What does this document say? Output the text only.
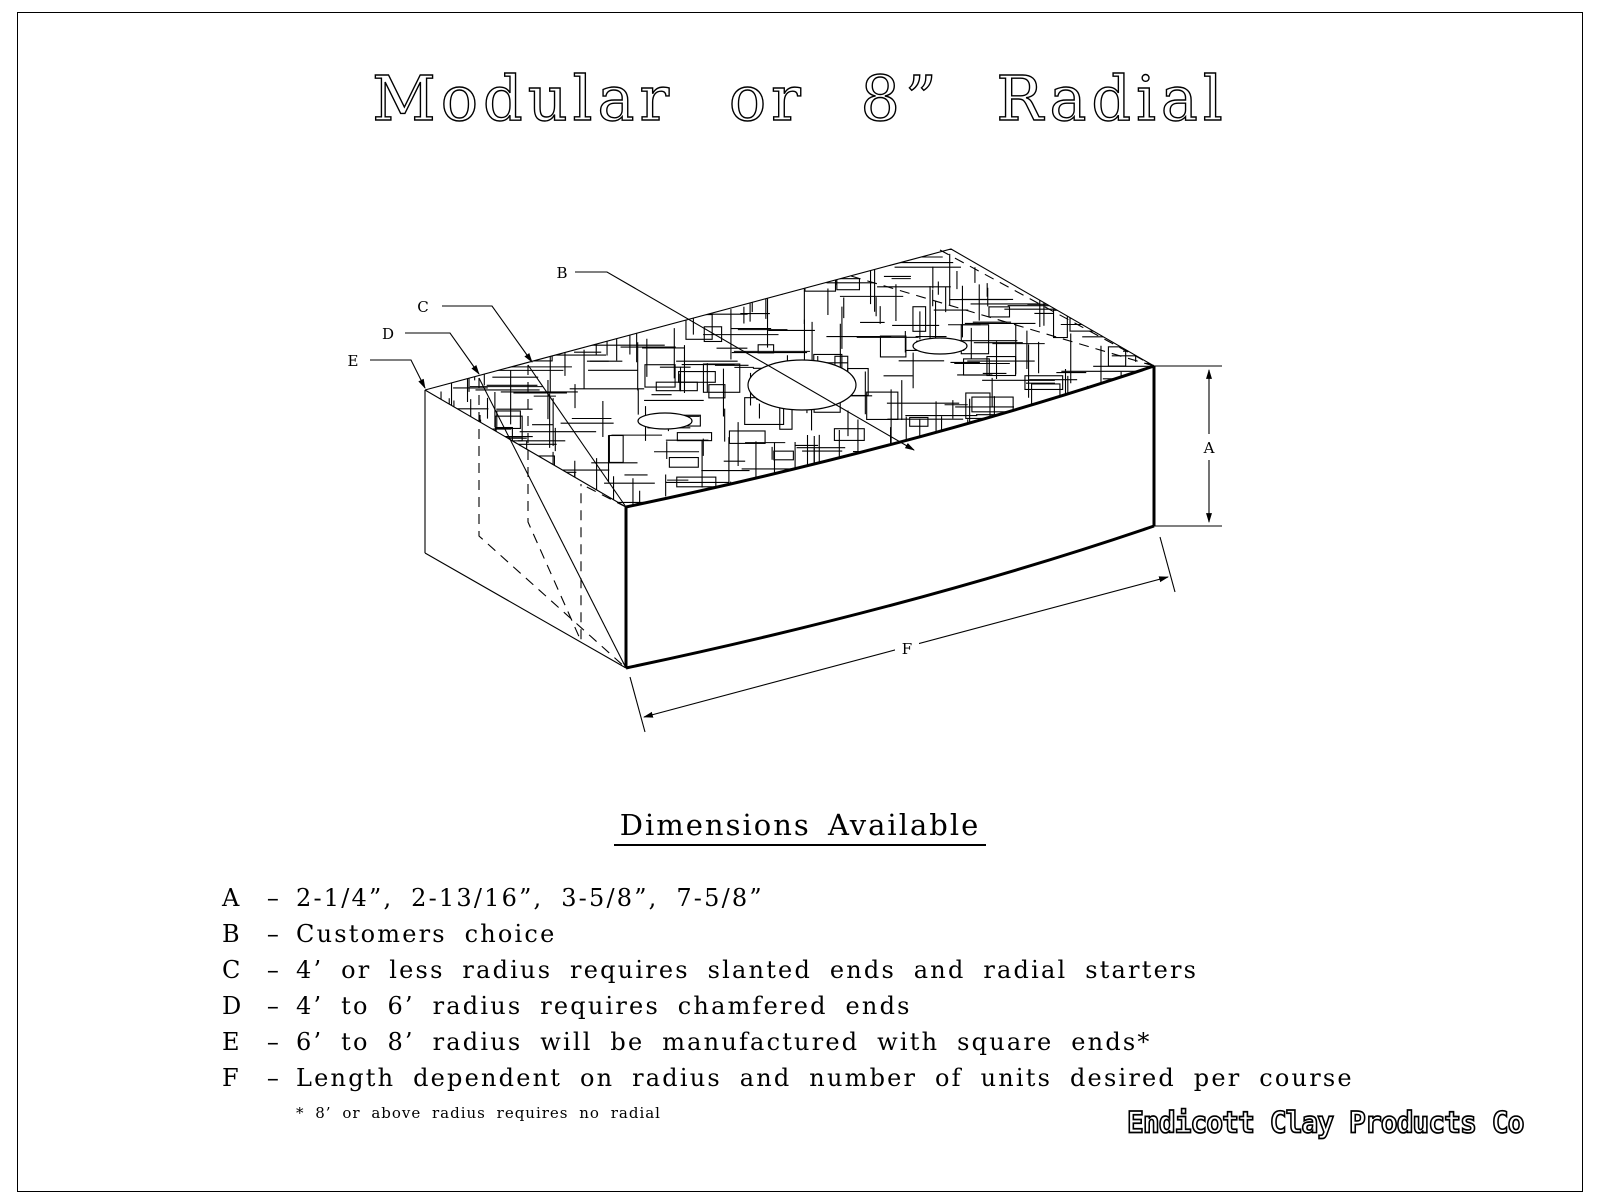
Modular or 8” Radial
A
F
B
C
D
E
Dimensions Available
A – 2-1/4”, 2-13/16”, 3-5/8”, 7-5/8”
B – Customers choice
C – 4’ or less radius requires slanted ends and radial starters
D – 4’ to 6’ radius requires chamfered ends
E – 6’ to 8’ radius will be manufactured with square ends*
F – Length dependent on radius and number of units desired per course
* 8’ or above radius requires no radial	Endicott Clay Products Co
